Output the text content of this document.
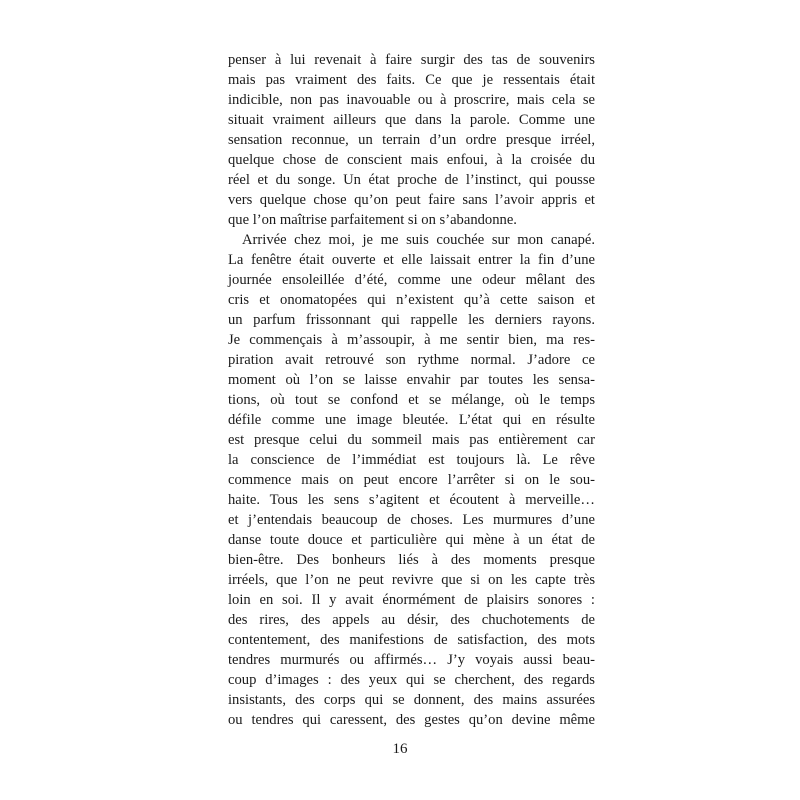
penser à lui revenait à faire surgir des tas de souvenirs
mais pas vraiment des faits. Ce que je ressentais était
indicible, non pas inavouable ou à proscrire, mais cela se
situait vraiment ailleurs que dans la parole. Comme une
sensation reconnue, un terrain d’un ordre presque irréel,
quelque chose de conscient mais enfoui, à la croisée du
réel et du songe. Un état proche de l’instinct, qui pousse
vers quelque chose qu’on peut faire sans l’avoir appris et
que l’on maîtrise parfaitement si on s’abandonne.
Arrivée chez moi, je me suis couchée sur mon canapé.
La fenêtre était ouverte et elle laissait entrer la fin d’une
journée ensoleillée d’été, comme une odeur mêlant des
cris et onomatopées qui n’existent qu’à cette saison et
un parfum frissonnant qui rappelle les derniers rayons.
Je commençais à m’assoupir, à me sentir bien, ma res-
piration avait retrouvé son rythme normal. J’adore ce
moment où l’on se laisse envahir par toutes les sensa-
tions, où tout se confond et se mélange, où le temps
défile comme une image bleutée. L’état qui en résulte
est presque celui du sommeil mais pas entièrement car
la conscience de l’immédiat est toujours là. Le rêve
commence mais on peut encore l’arrêter si on le sou-
haite. Tous les sens s’agitent et écoutent à merveille…
et j’entendais beaucoup de choses. Les murmures d’une
danse toute douce et particulière qui mène à un état de
bien-être. Des bonheurs liés à des moments presque
irréels, que l’on ne peut revivre que si on les capte très
loin en soi. Il y avait énormément de plaisirs sonores :
des rires, des appels au désir, des chuchotements de
contentement, des manifestions de satisfaction, des mots
tendres murmurés ou affirmés… J’y voyais aussi beau-
coup d’images : des yeux qui se cherchent, des regards
insistants, des corps qui se donnent, des mains assurées
ou tendres qui caressent, des gestes qu’on devine même
16
